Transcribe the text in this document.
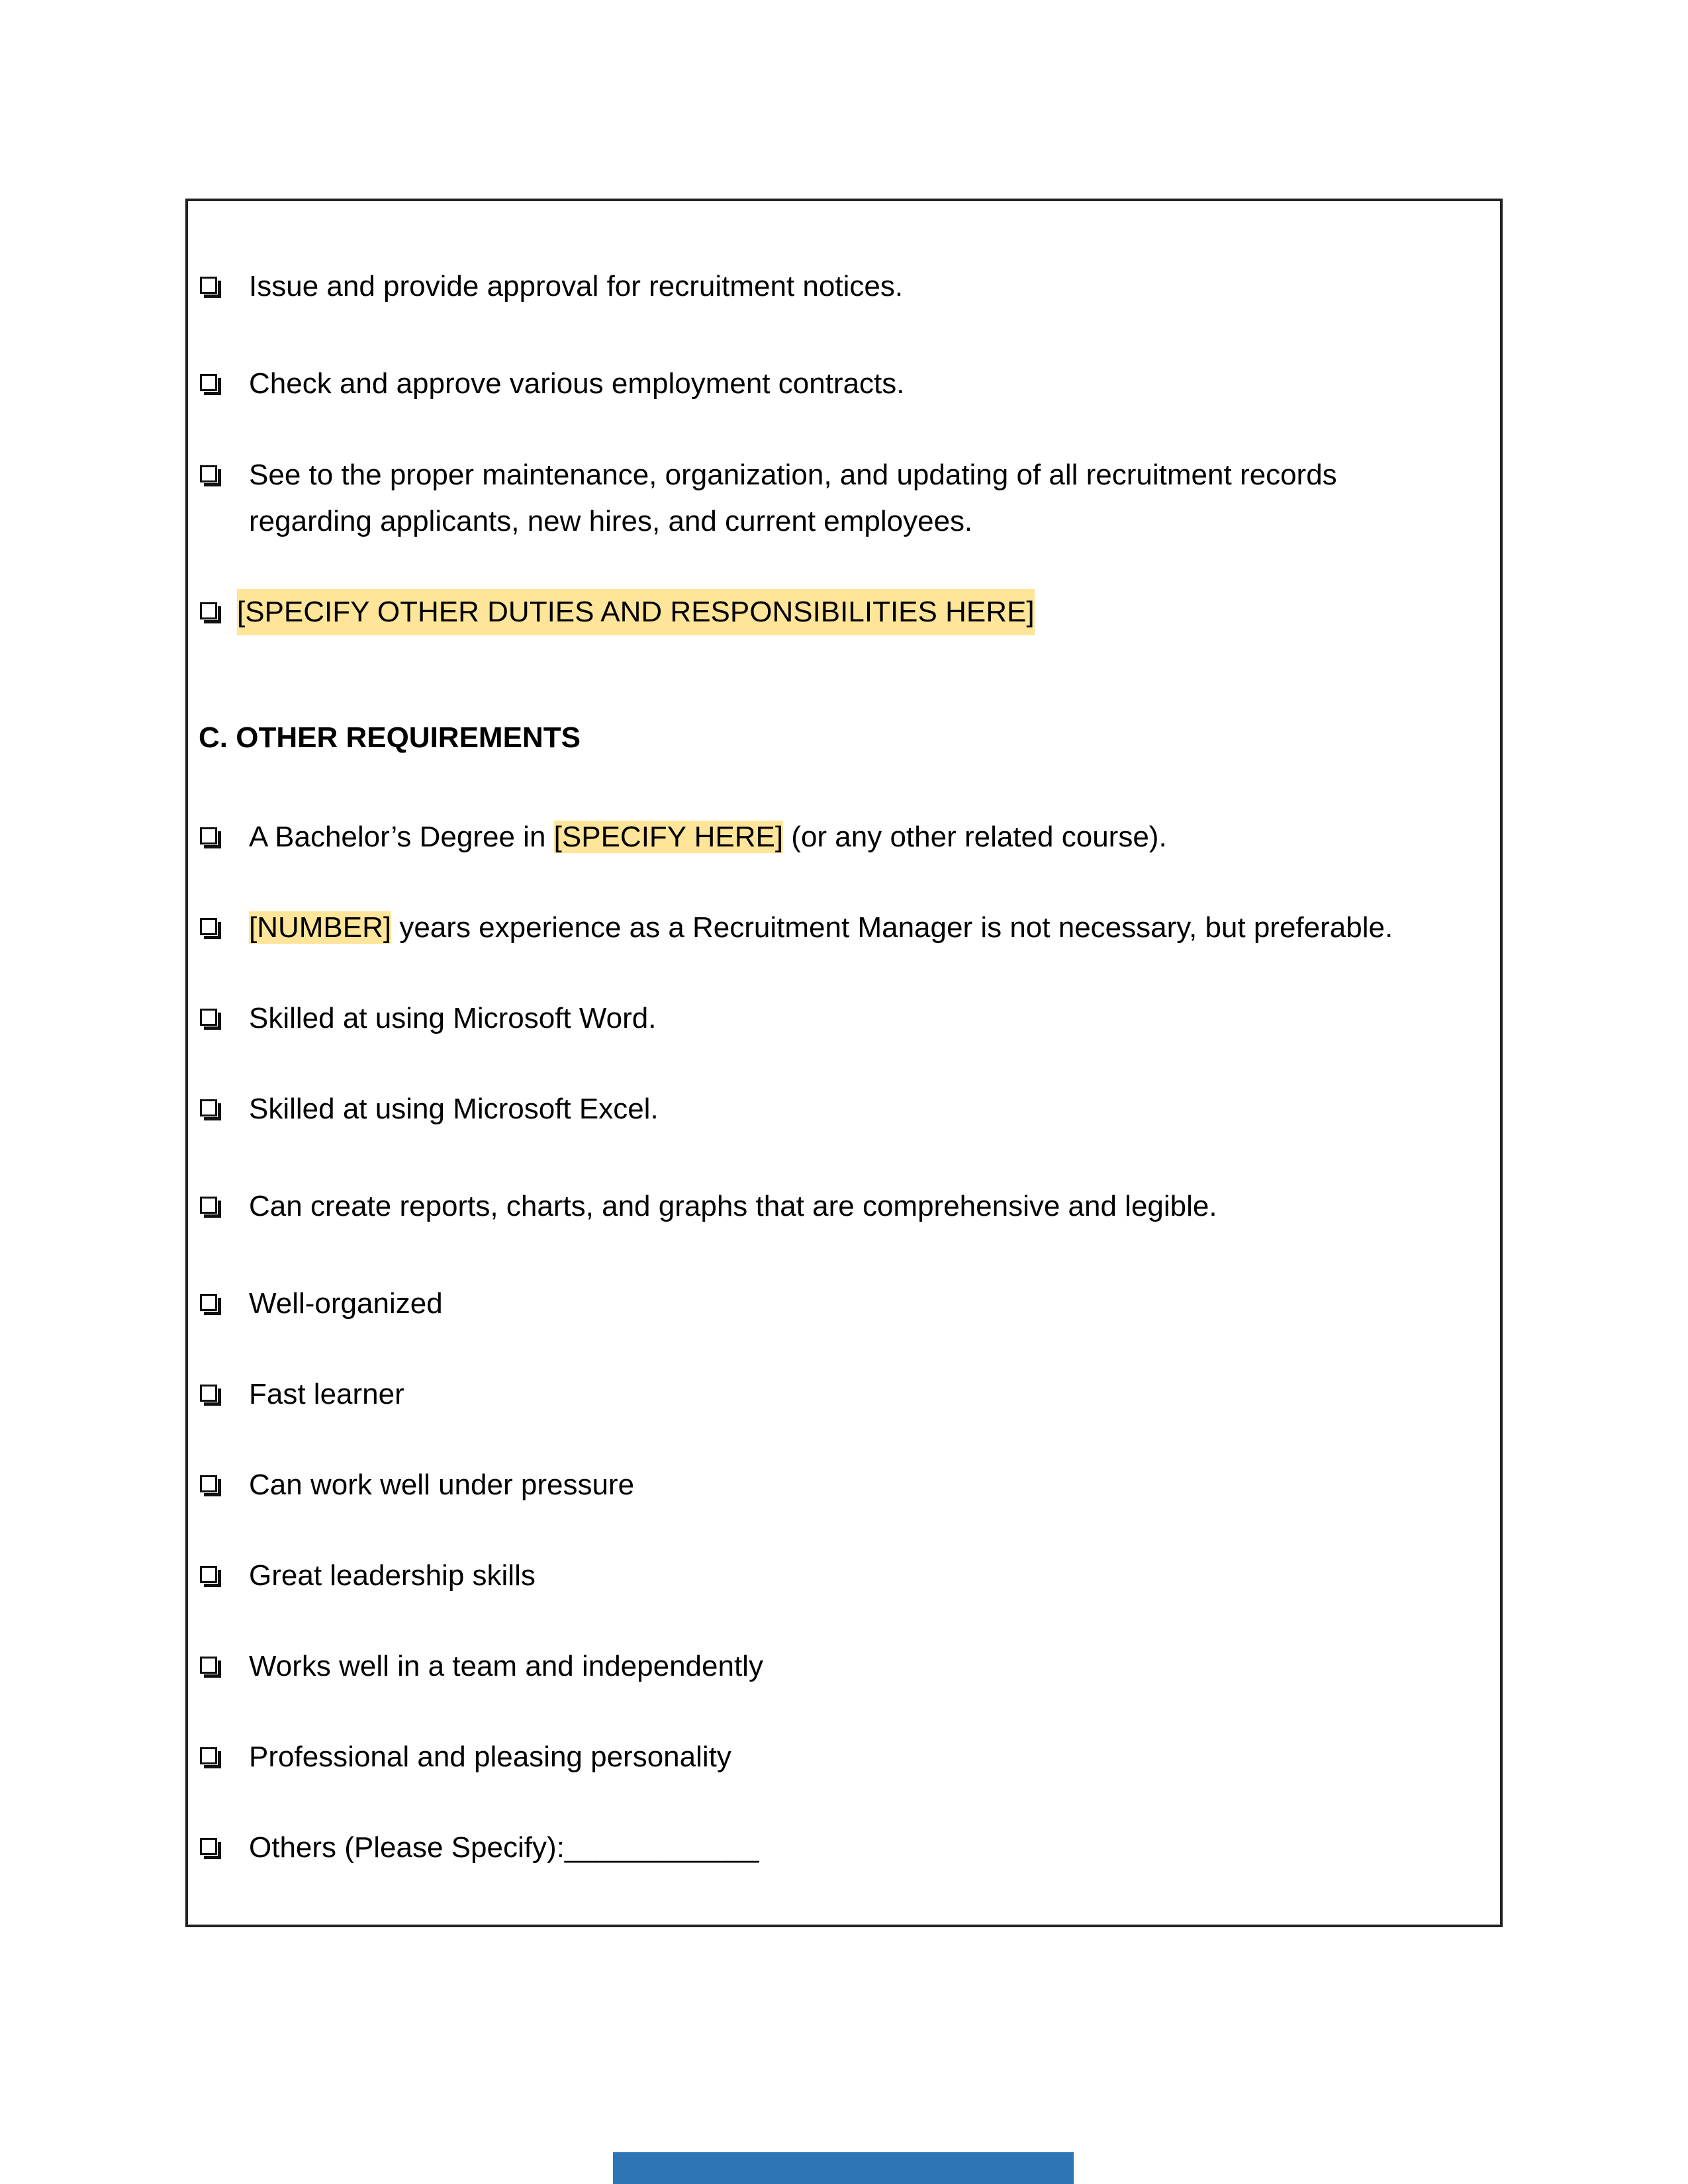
Issue and provide approval for recruitment notices.
Check and approve various employment contracts.
See to the proper maintenance, organization, and updating of all recruitment records
regarding applicants, new hires, and current employees.
[SPECIFY OTHER DUTIES AND RESPONSIBILITIES HERE]
C. OTHER REQUIREMENTS
A Bachelor’s Degree in [SPECIFY HERE] (or any other related course).
[NUMBER] years experience as a Recruitment Manager is not necessary, but preferable.
Skilled at using Microsoft Word.
Skilled at using Microsoft Excel.
Can create reports, charts, and graphs that are comprehensive and legible.
Well-organized
Fast learner
Can work well under pressure
Great leadership skills
Works well in a team and independently
Professional and pleasing personality
Others (Please Specify):____________
